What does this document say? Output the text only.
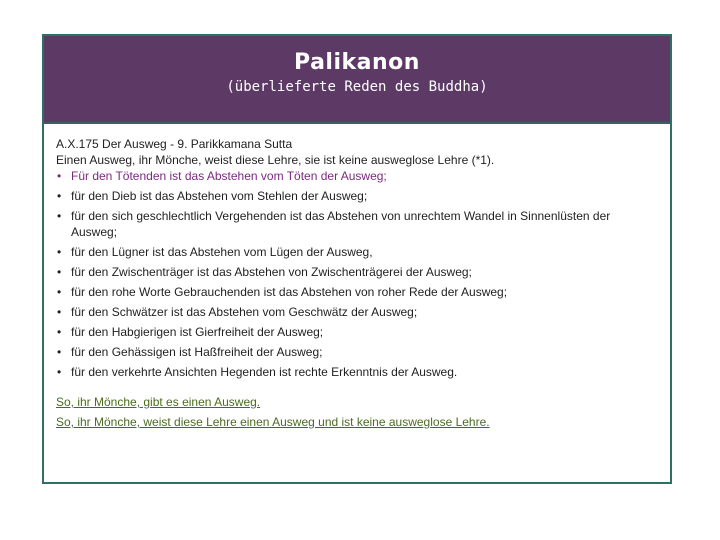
Palikanon
(überlieferte Reden des Buddha)

A.X.175 Der Ausweg - 9. Parikkamana Sutta

Einen Ausweg, ihr Mönche, weist diese Lehre, sie ist keine ausweglose Lehre (*1).

• Für den Tötenden ist das Abstehen vom Töten der Ausweg;
• für den Dieb ist das Abstehen vom Stehlen der Ausweg;
• für den sich geschlechtlich Vergehenden ist das Abstehen von unrechtem Wandel in Sinnenlüsten der Ausweg;
• für den Lügner ist das Abstehen vom Lügen der Ausweg,
• für den Zwischenträger ist das Abstehen von Zwischenträgerei der Ausweg;
• für den rohe Worte Gebrauchenden ist das Abstehen von roher Rede der Ausweg;
• für den Schwätzer ist das Abstehen vom Geschwätz der Ausweg;
• für den Habgierigen ist Gierfreiheit der Ausweg;
• für den Gehässigen ist Haßfreiheit der Ausweg;
• für den verkehrte Ansichten Hegenden ist rechte Erkenntnis der Ausweg.
So, ihr Mönche, gibt es einen Ausweg.
So, ihr Mönche, weist diese Lehre einen Ausweg und ist keine ausweglose Lehre.
